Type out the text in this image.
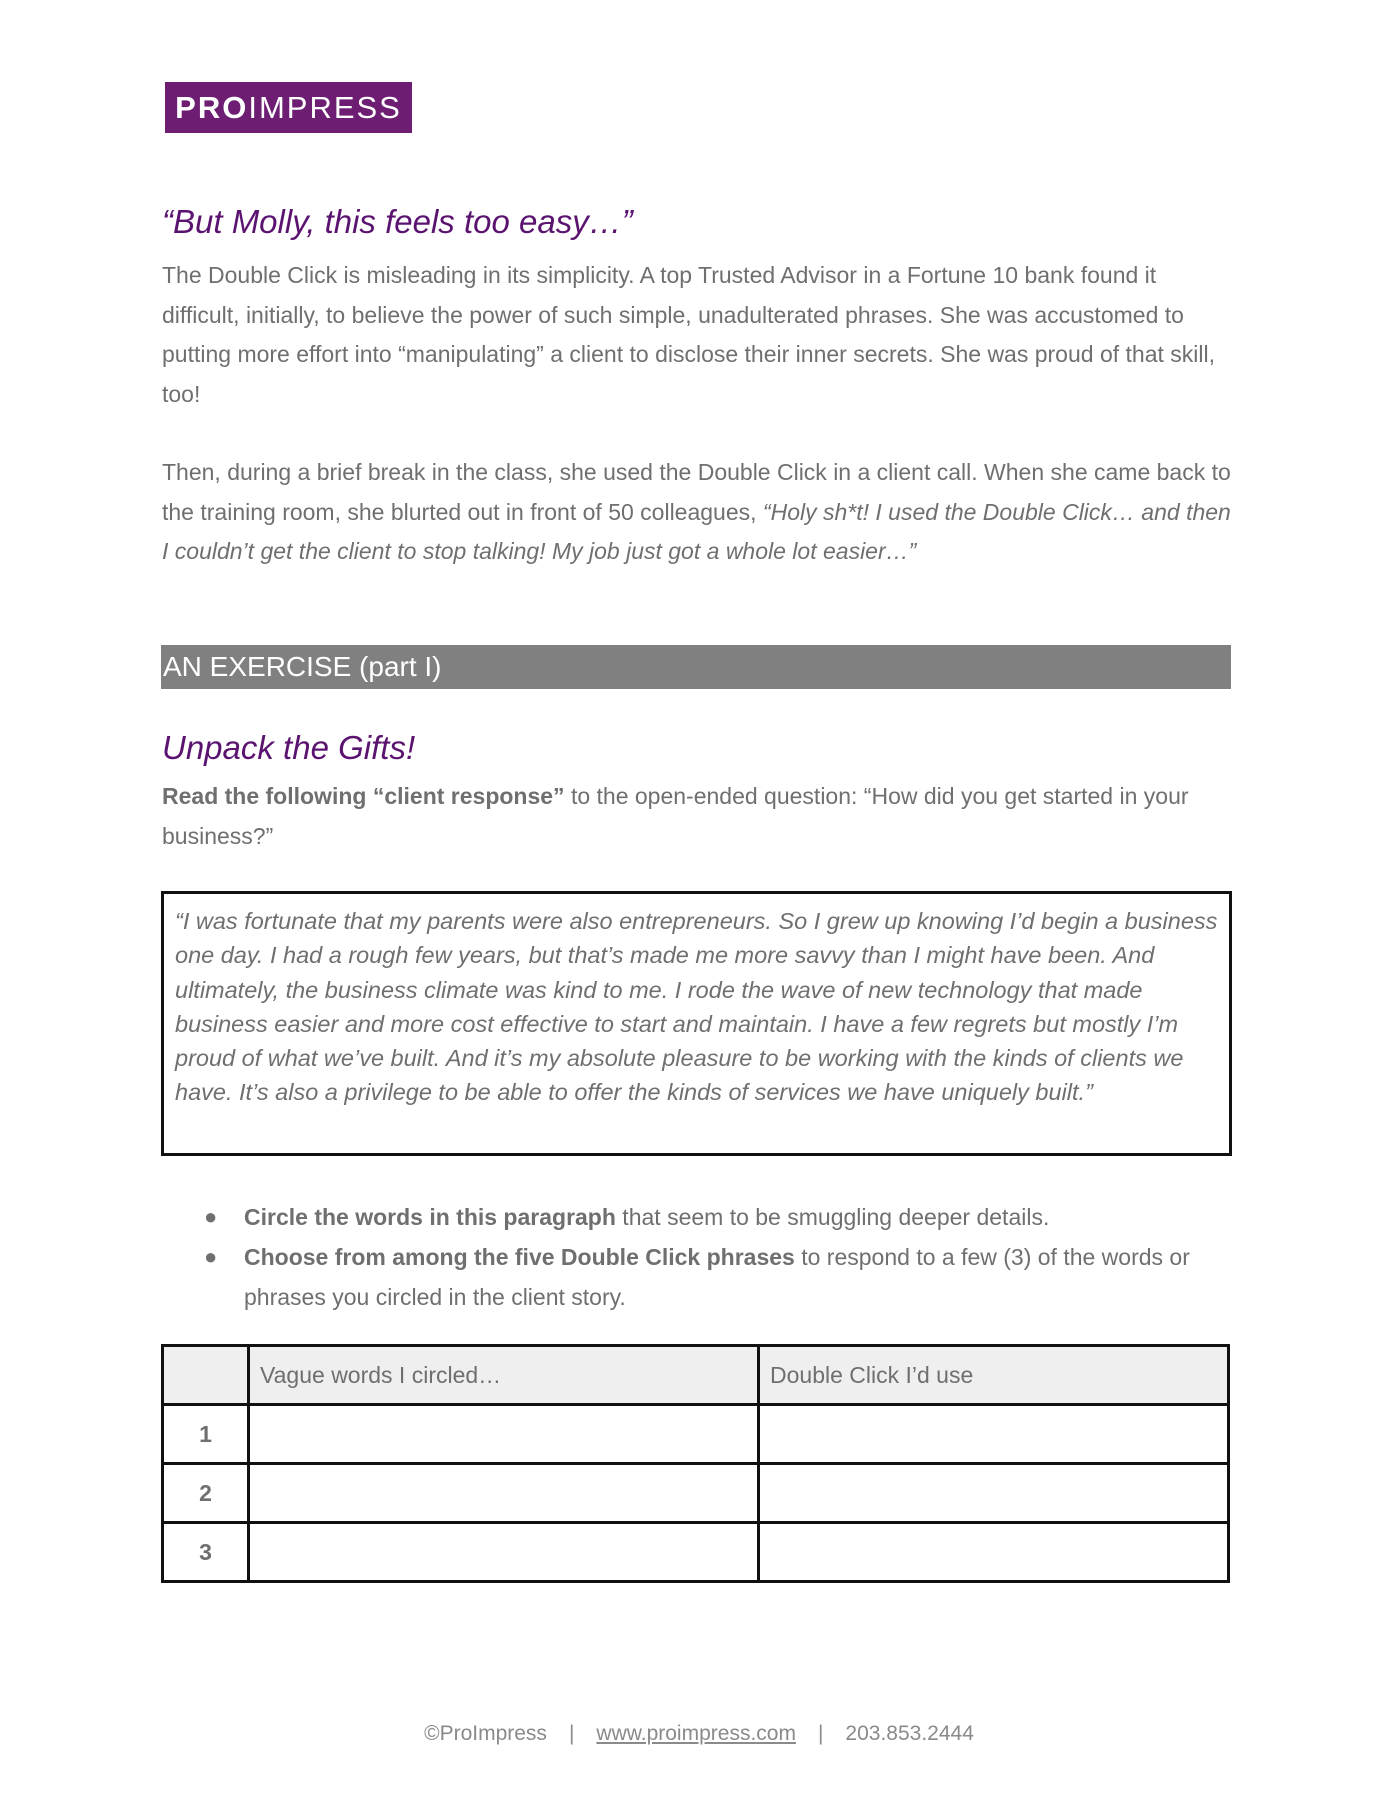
PRO IMPRESS
“But Molly, this feels too easy…”

The Double Click is misleading in its simplicity. A top Trusted Advisor in a Fortune 10 bank found it difficult, initially, to believe the power of such simple, unadulterated phrases. She was accustomed to putting more effort into “manipulating” a client to disclose their inner secrets. She was proud of that skill, too!

Then, during a brief break in the class, she used the Double Click in a client call. When she came back to the training room, she blurted out in front of 50 colleagues, “Holy sh*t! I used the Double Click… and then I couldn’t get the client to stop talking! My job just got a whole lot easier…”

AN EXERCISE (part I)
Unpack the Gifts!

Read the following “client response” to the open-ended question: “How did you get started in your business?”

“I was fortunate that my parents were also entrepreneurs. So I grew up knowing I’d begin a business one day. I had a rough few years, but that’s made me more savvy than I might have been. And ultimately, the business climate was kind to me. I rode the wave of new technology that made business easier and more cost effective to start and maintain. I have a few regrets but mostly I’m proud of what we’ve built. And it’s my absolute pleasure to be working with the kinds of clients we have. It’s also a privilege to be able to offer the kinds of services we have uniquely built.”
● Circle the words in this paragraph that seem to be smuggling deeper details.
● Choose from among the five Double Click phrases to respond to a few (3) of the words or phrases you circled in the client story.
	Vague words I circled…	Double Click I’d use
1		
2		
3		
©ProImpress | www.proimpress.com | 203.853.2444
